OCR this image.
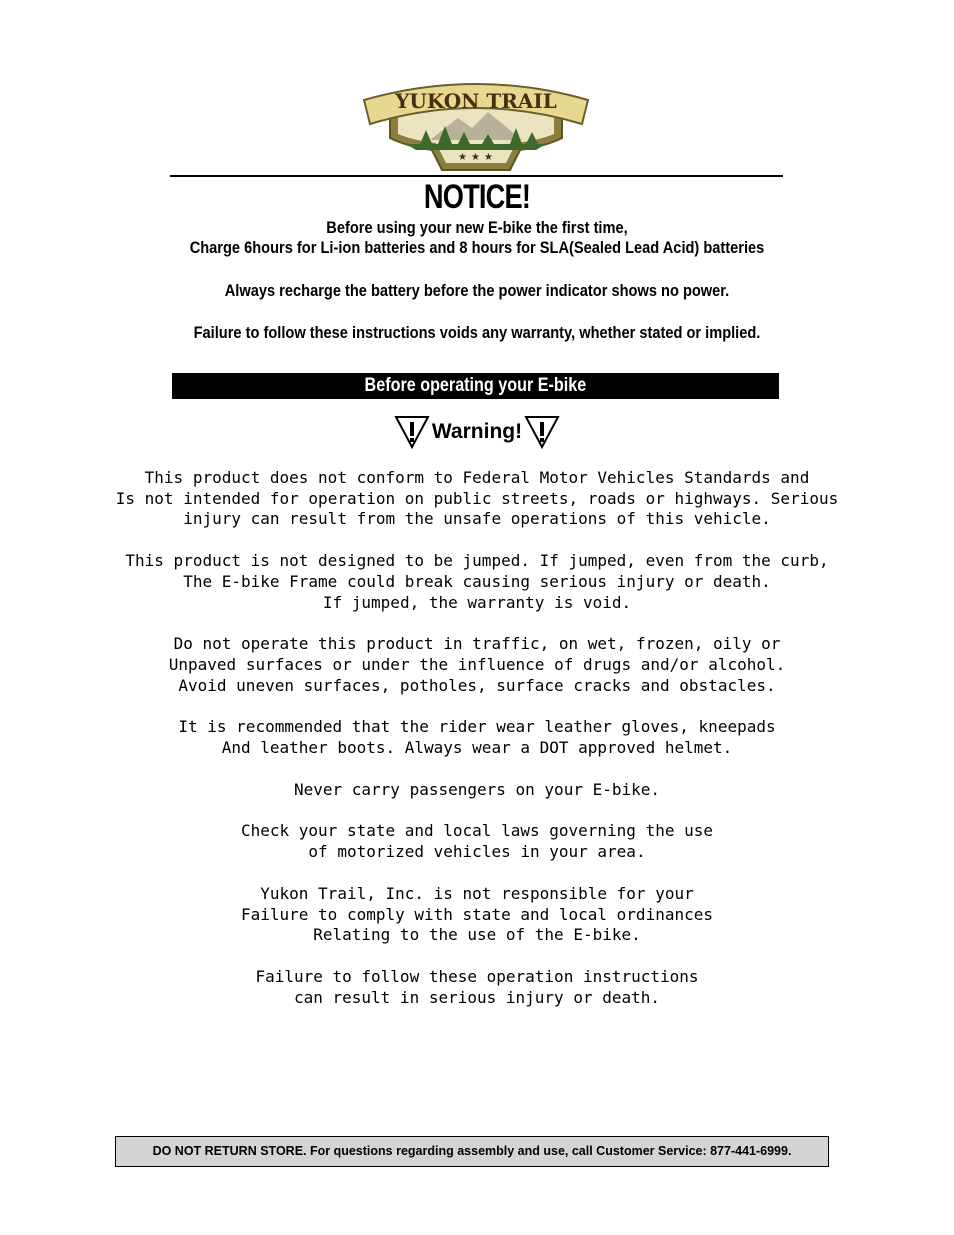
★ ★ ★
YUKON TRAIL
NOTICE!
Before using your new E-bike the first time,
Charge 6hours for Li-ion batteries and 8 hours for SLA(Sealed Lead Acid) batteries
Always recharge the battery before the power indicator shows no power.
Failure to follow these instructions voids any warranty, whether stated or implied.
Before operating your E-bike
Warning!
This product does not conform to Federal Motor Vehicles Standards and
Is not intended for operation on public streets, roads or highways. Serious
injury can result from the unsafe operations of this vehicle.
This product is not designed to be jumped. If jumped, even from the curb,
The E-bike Frame could break causing serious injury or death.
If jumped, the warranty is void.
Do not operate this product in traffic, on wet, frozen, oily or
Unpaved surfaces or under the influence of drugs and/or alcohol.
Avoid uneven surfaces, potholes, surface cracks and obstacles.
It is recommended that the rider wear leather gloves, kneepads
And leather boots. Always wear a DOT approved helmet.
Never carry passengers on your E-bike.
Check your state and local laws governing the use
of motorized vehicles in your area.
Yukon Trail, Inc. is not responsible for your
Failure to comply with state and local ordinances
Relating to the use of the E-bike.
Failure to follow these operation instructions
can result in serious injury or death.
DO NOT RETURN STORE. For questions regarding assembly and use, call Customer Service: 877-441-6999.
